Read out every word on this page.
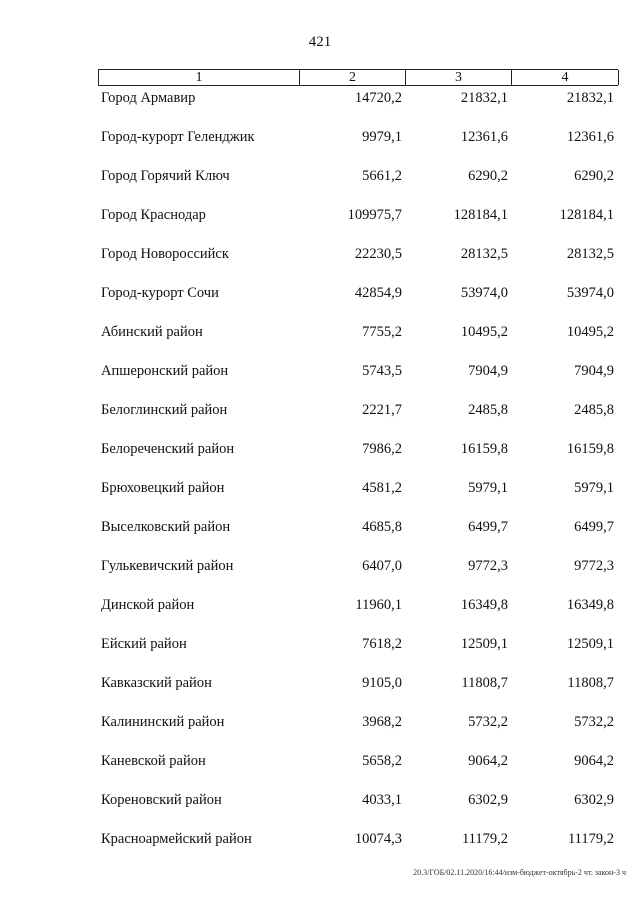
421
1	2	3	4
Город Армавир	14720,2	21832,1	21832,1
Город-курорт Геленджик	9979,1	12361,6	12361,6
Город Горячий Ключ	5661,2	6290,2	6290,2
Город Краснодар	109975,7	128184,1	128184,1
Город Новороссийск	22230,5	28132,5	28132,5
Город-курорт Сочи	42854,9	53974,0	53974,0
Абинский район	7755,2	10495,2	10495,2
Апшеронский район	5743,5	7904,9	7904,9
Белоглинский район	2221,7	2485,8	2485,8
Белореченский район	7986,2	16159,8	16159,8
Брюховецкий район	4581,2	5979,1	5979,1
Выселковский район	4685,8	6499,7	6499,7
Гулькевичский район	6407,0	9772,3	9772,3
Динской район	11960,1	16349,8	16349,8
Ейский район	7618,2	12509,1	12509,1
Кавказский район	9105,0	11808,7	11808,7
Калининский район	3968,2	5732,2	5732,2
Каневской район	5658,2	9064,2	9064,2
Кореновский район	4033,1	6302,9	6302,9
Красноармейский район	10074,3	11179,2	11179,2
20.3/ГОБ/02.11.2020/16:44/изм-бюджет-октябрь-2 чт. закон-3 ч
